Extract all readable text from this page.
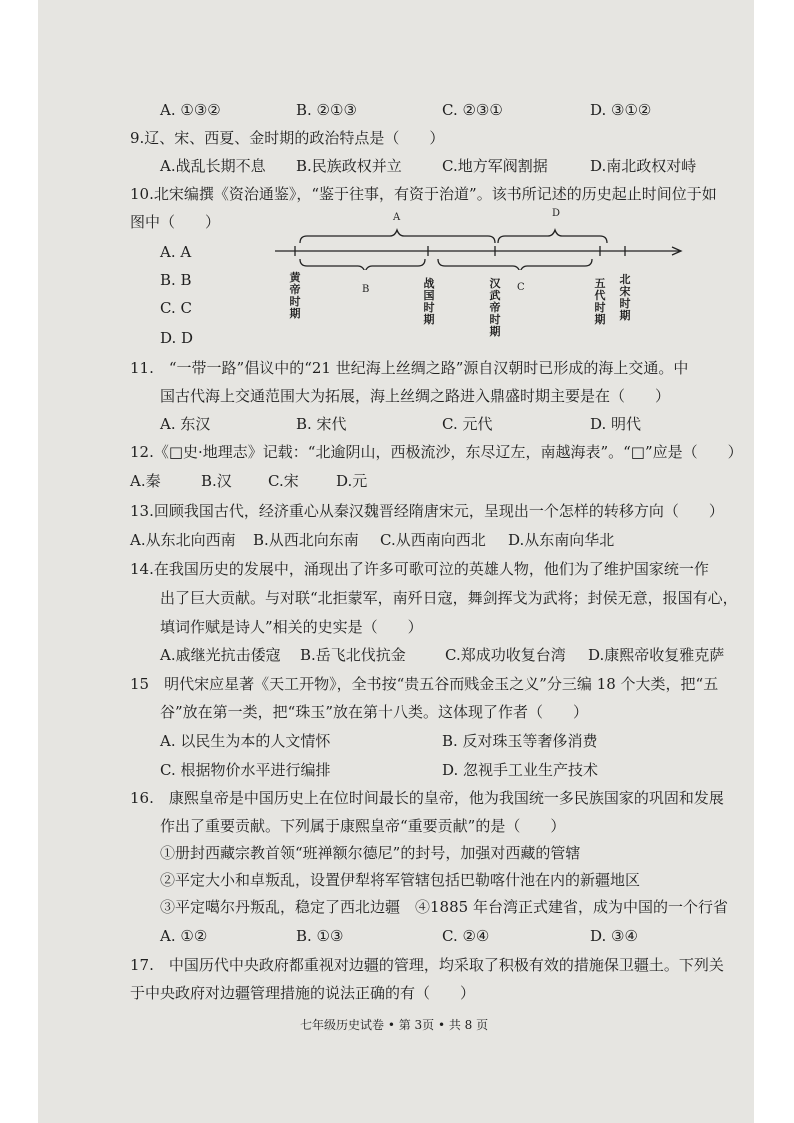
A. ①③②	B. ②①③	C. ②③①	D. ③①②
9.辽、宋、西夏、金时期的政治特点是（　　）
A.战乱长期不息 B.民族政权并立	C.地方军阀割据	D.南北政权对峙
10.北宋编撰《资治通鉴》，“鉴于往事，有资于治道”。该书所记述的历史起止时间位于如
图中（　　）
A. A
B. B
C. C
D. D
A	D
B	C
黄帝时期
战国时期
汉武帝时期
五代时期
北宋时期
11.　“一带一路”倡议中的“21 世纪海上丝绸之路”源自汉朝时已形成的海上交通。中
国古代海上交通范围大为拓展，海上丝绸之路进入鼎盛时期主要是在（　　）
A. 东汉	B. 宋代	C. 元代	D. 明代
12.《□史·地理志》记载：“北逾阴山，西极流沙，东尽辽左，南越海表”。“□”应是（　　）
A.秦	B.汉 C.宋 D.元
13.回顾我国古代，经济重心从秦汉魏晋经隋唐宋元，呈现出一个怎样的转移方向（　　）
A.从东北向西南 B.从西北向东南 C.从西南向西北 D.从东南向华北
14.在我国历史的发展中，涌现出了许多可歌可泣的英雄人物，他们为了维护国家统一作
出了巨大贡献。与对联“北拒蒙军，南歼日寇，舞剑挥戈为武将；封侯无意，报国有心，
填词作赋是诗人”相关的史实是（　　）
A.戚继光抗击倭寇 B.岳飞北伐抗金	C.郑成功收复台湾 D.康熙帝收复雅克萨
15　明代宋应星著《天工开物》，全书按“贵五谷而贱金玉之义”分三编 18 个大类，把“五
谷”放在第一类，把“珠玉”放在第十八类。这体现了作者（　　）
A. 以民生为本的人文情怀	B. 反对珠玉等奢侈消费
C. 根据物价水平进行编排	D. 忽视手工业生产技术
16.　康熙皇帝是中国历史上在位时间最长的皇帝，他为我国统一多民族国家的巩固和发展
作出了重要贡献。下列属于康熙皇帝“重要贡献”的是（　　）
①册封西藏宗教首领“班禅额尔德尼”的封号，加强对西藏的管辖
②平定大小和卓叛乱，设置伊犁将军管辖包括巴勒喀什池在内的新疆地区
③平定噶尔丹叛乱，稳定了西北边疆　④1885 年台湾正式建省，成为中国的一个行省
A. ①②	B. ①③	C. ②④	D. ③④
17.　中国历代中央政府都重视对边疆的管理，均采取了积极有效的措施保卫疆土。下列关
于中央政府对边疆管理措施的说法正确的有（　　）
七年级历史试卷 • 第 3页 • 共 8 页
